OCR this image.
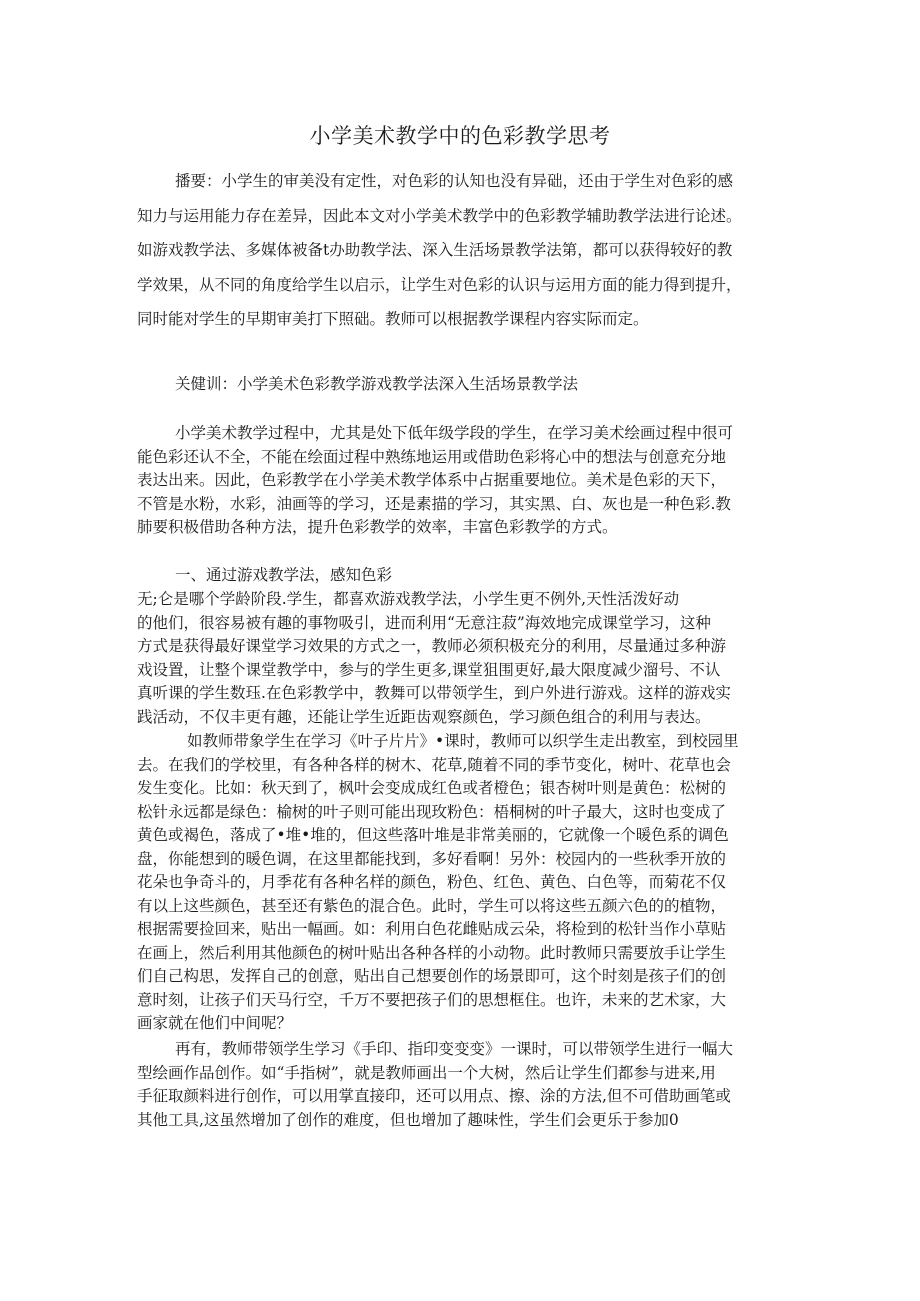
小学美术教学中的色彩教学思考
播要：小学生的审美没有定性，对色彩的认知也没有异础，还由于学生对色彩的感
知力与运用能力存在差异，因此本文对小学美术教学中的色彩教学辅助教学法进行论述。
如游戏教学法、多媒体被备t办助教学法、深入生活场景教学法第，都可以获得较好的教
学效果，从不同的角度给学生以启示，让学生对色彩的认识与运用方面的能力得到提升，
同时能对学生的早期审美打下照础。教师可以根据教学课程内容实际而定。
关健训：小学美术色彩教学游戏教学法深入生活场景教学法
小学美术教学过程中，尤其是处下低年级学段的学生，在学习美术绘画过程中很可
能色彩还认不全，不能在绘面过程中熟练地运用或借助色彩将心中的想法与创意充分地
表达出来。因此，色彩教学在小学美术教学体系中占据重要地位。美术是色彩的天下，
不管是水粉，水彩，油画等的学习，还是素描的学习，其实黑、白、灰也是一种色彩.教
肺要积极借助各种方法，提升色彩教学的效率，丰富色彩教学的方式。
一、通过游戏教学法，感知色彩
无;仑是哪个学龄阶段.学生，都喜欢游戏教学法，小学生更不例外,天性活泼好动
的他们，很容易被有趣的事物吸引，进而利用“无意注菽”海效地完成课堂学习，这种
方式是获得最好课堂学习效果的方式之一，教师必须积极充分的利用，尽量通过多种游
戏设置，让整个课堂教学中，参与的学生更多,课堂狙围更好,最大限度减少溜号、不认
真听课的学生数珏.在色彩教学中，教舞可以带领学生，到户外进行游戏。这样的游戏实
践活动，不仅丰更有趣，还能让学生近距齿观察颜色，学习颜色组合的利用与表达。
如教师带象学生在学习《叶子片片》•课时，教师可以织学生走出教室，到校园里
去。在我们的学校里，有各种各样的树木、花草,随着不同的季节变化，树叶、花草也会
发生变化。比如：秋天到了，枫叶会变成成红色或者橙色；银杏树叶则是黄色：松树的
松针永远都是绿色：榆树的叶子则可能出现玫粉色：梧桐树的叶子最大，这时也变成了
黄色或褐色，落成了•堆•堆的，但这些落叶堆是非常美丽的，它就像一个暖色系的调色
盘，你能想到的暖色调，在这里都能找到，多好看啊！另外：校园内的一些秋季开放的
花朵也争奇斗的，月季花有各种名样的颜色，粉色、红色、黄色、白色等，而菊花不仅
有以上这些颜色，甚至还有紫色的混合色。此时，学生可以将这些五颜六色的的植物，
根据需要捡回来，贴出一幅画。如：利用白色花雌贴成云朵，将检到的松针当作小草贴
在画上，然后利用其他颜色的树叶贴出各种各样的小动物。此时教师只需要放手让学生
们自己构思，发挥自己的创意，贴出自己想要创作的场景即可，这个时刻是孩子们的创
意时刻，让孩子们天马行空，千万不要把孩子们的思想框住。也许，未来的艺术家，大
画家就在他们中间呢？
再有，教师带领学生学习《手印、指印变变变》一课时，可以带领学生进行一幅大
型绘画作品创作。如“手指树”，就是教师画出一个大树，然后让学生们都参与进来,用
手征取颜料进行创作，可以用掌直接印，还可以用点、擦、涂的方法,但不可借助画笔或
其他工具,这虽然增加了创作的难度，但也增加了趣味性，学生们会更乐于参加0
